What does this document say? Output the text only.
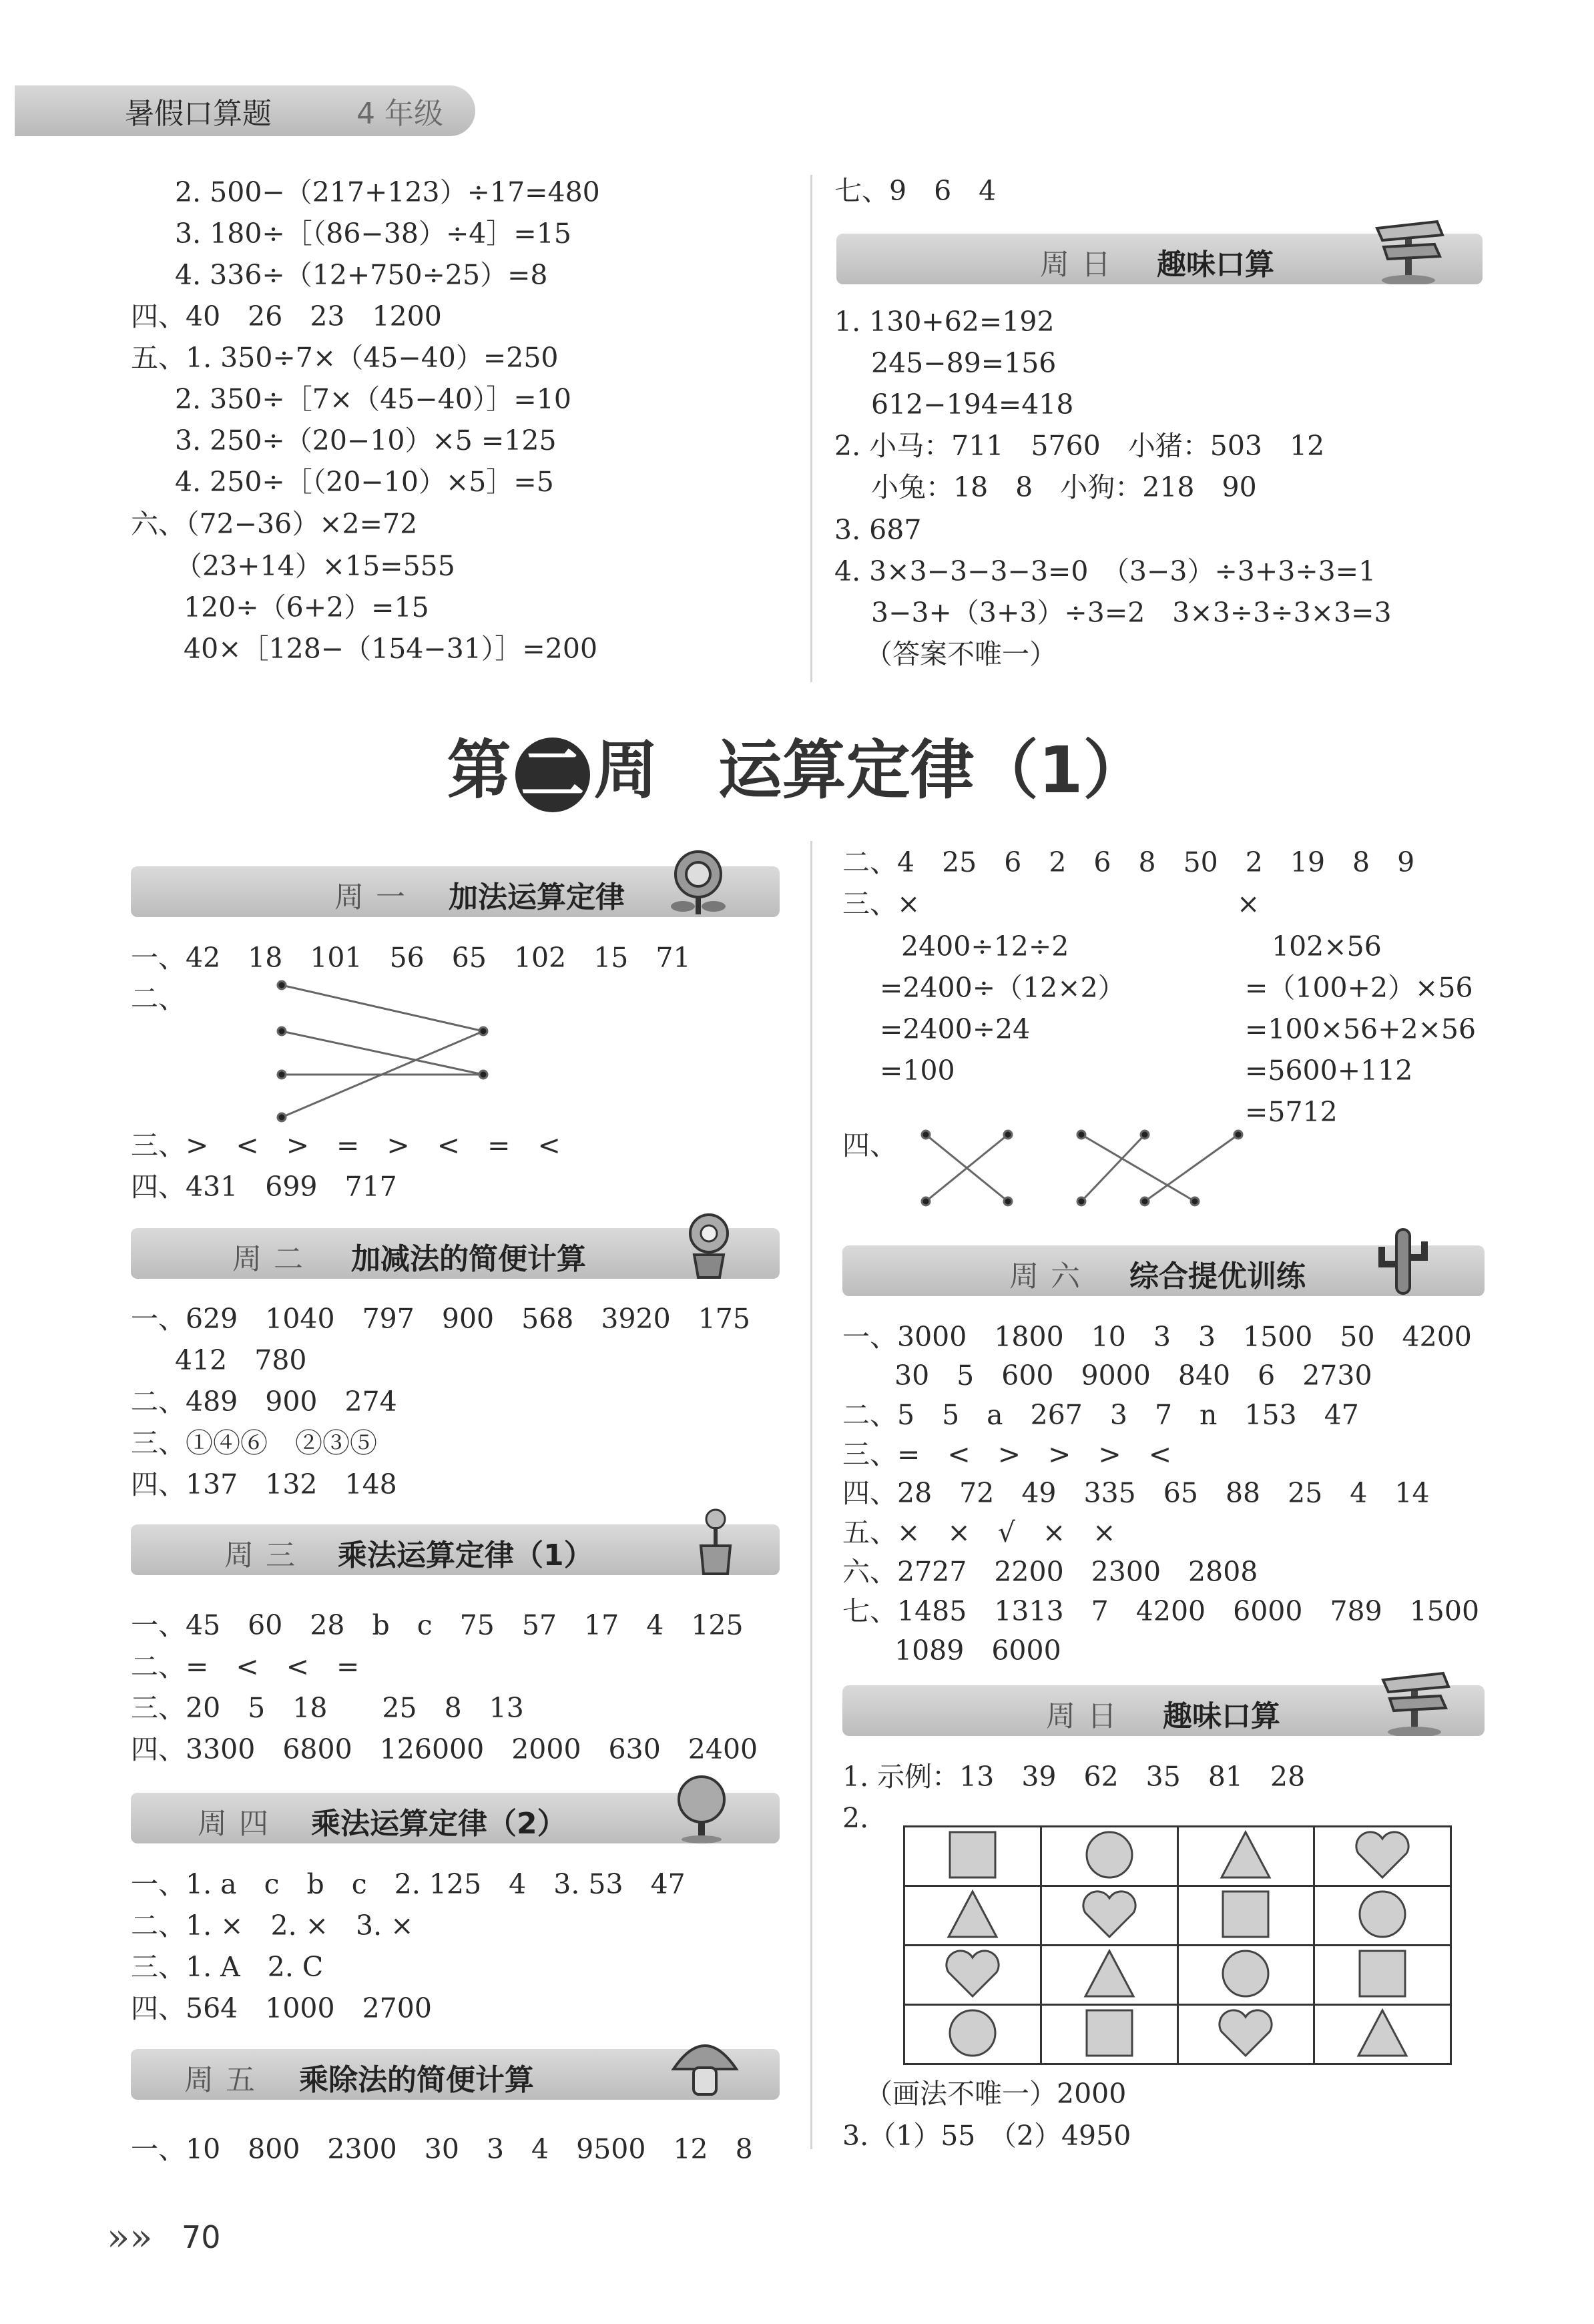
暑假口算题	4 年级
2. 500−（217+123）÷17=480
3. 180÷［（86−38）÷4］=15
4. 336÷（12+750÷25）=8
四、40　26　23　1200
五、1. 350÷7×（45−40）=250
2. 350÷［7×（45−40）］=10
3. 250÷（20−10）×5 =125
4. 250÷［（20−10）×5］=5
六、（72−36）×2=72
（23+14）×15=555
120÷（6+2）=15
40×［128−（154−31）］=200
七、9　6　4
周日 趣味口算
1. 130+62=192
245−89=156
612−194=418
2. 小马：711　5760　小猪：503　12
小兔：18　8　小狗：218　90
3. 687
4. 3×3−3−3−3=0　（3−3）÷3+3÷3=1
3−3+（3+3）÷3=2　3×3÷3÷3×3=3
（答案不唯一）
第 二 周 运算定律（1）
周一 加法运算定律
一、42　18　101　56　65　102　15　71
二、
三、>　<　>　=　>　<　=　<
四、431　699　717
周二 加减法的简便计算
一、629　1040　797　900　568　3920　175
412　780
二、489　900　274
三、①④⑥　②③⑤
四、137　132　148
周三 乘法运算定律（1）
一、45　60　28　b　c　75　57　17　4　125
二、=　<　<　=
三、20　5　18　　25　8　13
四、3300　6800　126000　2000　630　2400
周四 乘法运算定律（2）
一、1. a　c　b　c　2. 125　4　3. 53　47
二、1. ×　2. ×　3. ×
三、1. A　2. C
四、564　1000　2700
周五 乘除法的简便计算
一、10　800　2300　30　3　4　9500　12　8
二、4　25　6　2　6　8　50　2　19　8　9
三、×
2400÷12÷2
=2400÷（12×2）
=2400÷24
=100
四、
×
102×56
=（100+2）×56
=100×56+2×56
=5600+112
=5712
周六 综合提优训练
一、3000　1800　10　3　3　1500　50　4200
30　5　600　9000　840　6　2730
二、5　5　a　267　3　7　n　153　47
三、=　<　>　>　>　<
四、28　72　49　335　65　88　25　4　14
五、×　×　√　×　×
六、2727　2200　2300　2808
七、1485　1313　7　4200　6000　789　1500
1089　6000
周日 趣味口算
1. 示例：13　39　62　35　81　28
2.

（画法不唯一）2000
3.（1）55　（2）4950
»» 70
